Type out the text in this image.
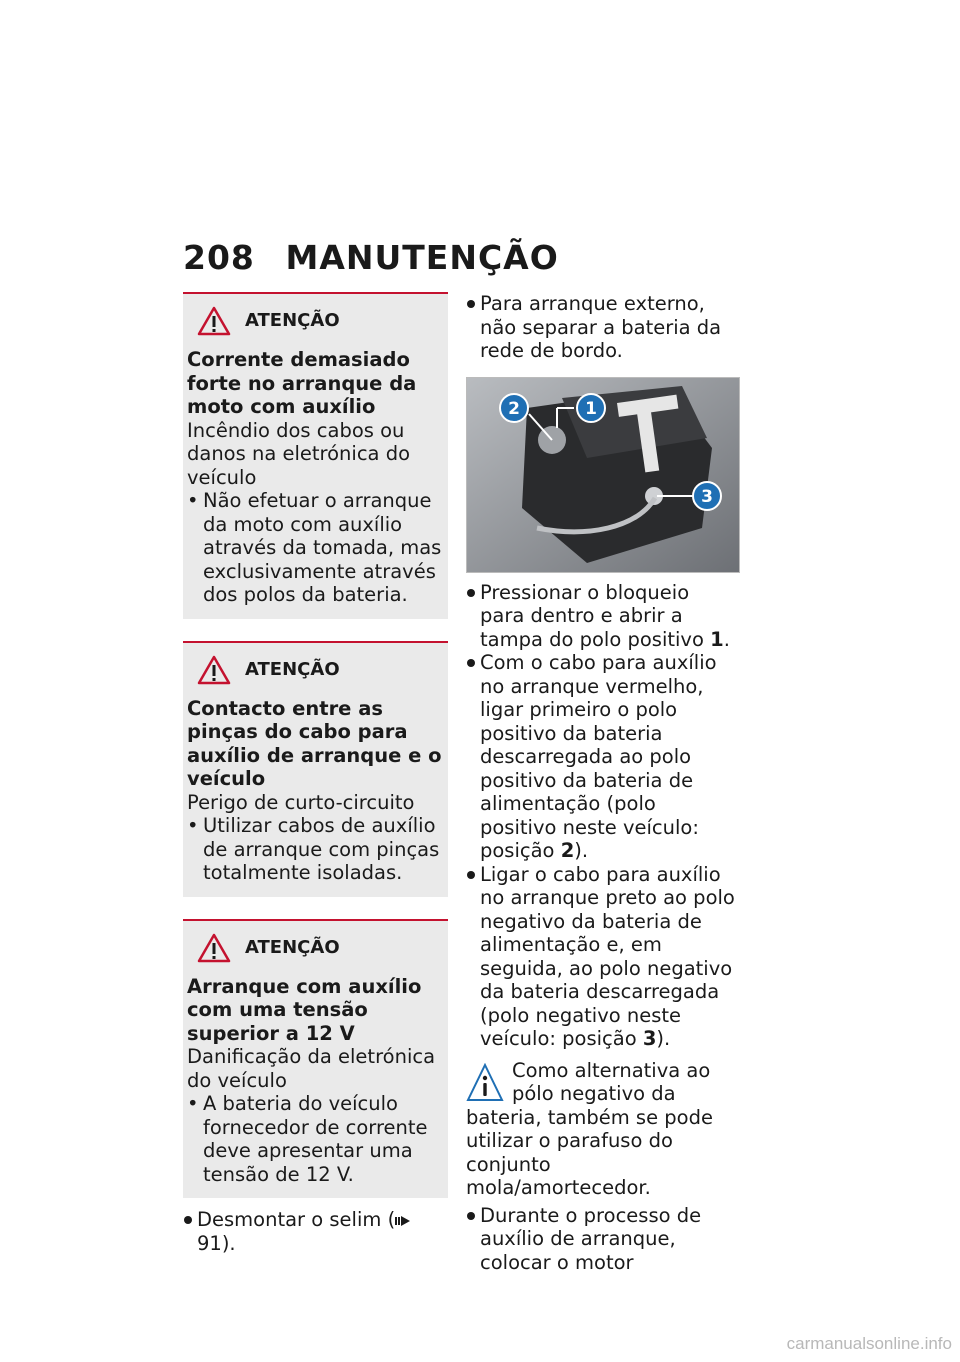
208 MANUTENÇÃO
ATENÇÃO
Corrente demasiado forte no arranque da moto com auxílio
Incêndio dos cabos ou danos na eletrónica do veículo
• Não efetuar o arranque da moto com auxílio através da tomada, mas exclusivamente através dos polos da bateria.
ATENÇÃO
Contacto entre as pinças do cabo para auxílio de arranque e o veículo
Perigo de curto-circuito
• Utilizar cabos de auxílio de arranque com pinças totalmente isoladas.
ATENÇÃO
Arranque com auxílio com uma tensão superior a 12 V
Danificação da eletrónica do veículo
• A bateria do veículo fornecedor de corrente deve apresentar uma tensão de 12 V.
Desmontar o selim ( 91).
Para arranque externo, não separar a bateria da rede de bordo.
2	1
3
Pressionar o bloqueio para dentro e abrir a tampa do polo positivo 1.
Com o cabo para auxílio no arranque vermelho, ligar primeiro o polo positivo da bateria descarregada ao polo positivo da bateria de alimentação (polo positivo neste veículo: posição 2).
Ligar o cabo para auxílio no arranque preto ao polo negativo da bateria de alimentação e, em seguida, ao polo negativo da bateria descarregada (polo negativo neste veículo: posição 3).
Como alternativa ao pólo negativo da bateria, também se pode utilizar o parafuso do conjunto mola/amortecedor.
Durante o processo de auxílio de arranque, colocar o motor
carmanualsonline.info
